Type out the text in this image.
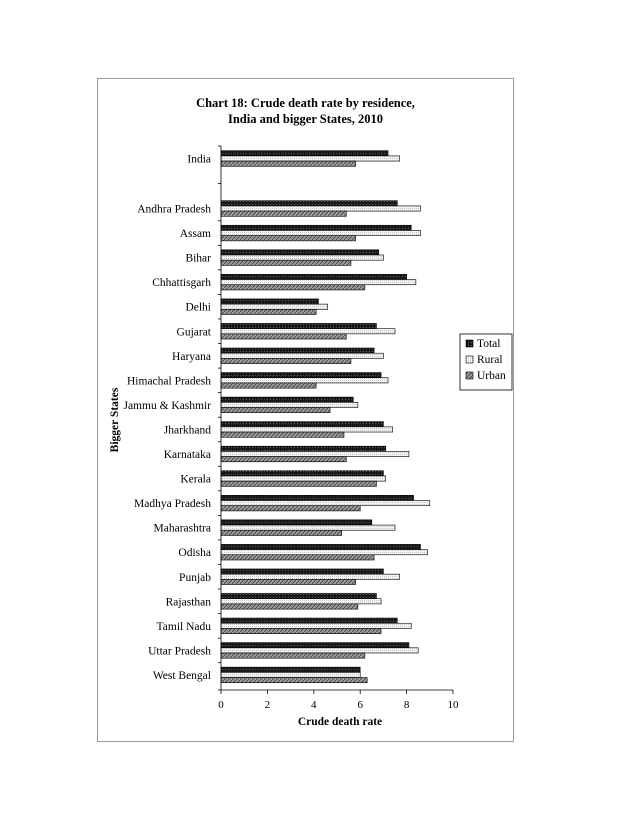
Chart 18: Crude death rate by residence,
India and bigger States, 2010
India
Andhra Pradesh
Assam
Bihar
Chhattisgarh
Delhi
Gujarat
Haryana
Himachal Pradesh
Jammu & Kashmir
Jharkhand
Karnataka
Kerala
Madhya Pradesh
Maharashtra
Odisha
Punjab
Rajasthan
Tamil Nadu
Uttar Pradesh
West Bengal
0	2	4	6	8	10
Crude death rate
Bigger States
Total
Rural
Urban
